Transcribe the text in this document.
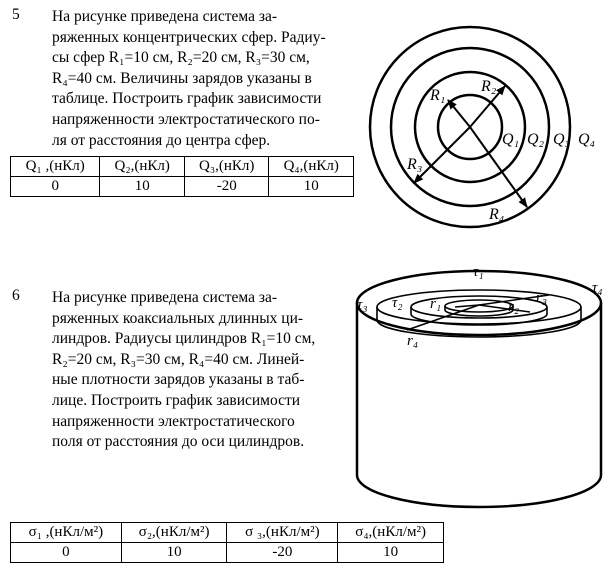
5 На рисунке приведена система за-
ряженных концентрических сфер. Радиу-
сы сфер R₁=10 см, R₂=20 см, R₃=30 см,
R₄=40 см. Величины зарядов указаны в
таблице. Построить график зависимости
напряженности электростатического по-
ля от расстояния до центра сфер.
Q₁ ,(нКл)	Q₂,(нКл)	Q₃,(нКл)	Q₄,(нКл)
0	10	-20	10
6 На рисунке приведена система за-
ряженных коаксиальных длинных ци-
линдров. Радиусы цилиндров R₁=10 см,
R₂=20 см, R₃=30 см, R₄=40 см. Линей-
ные плотности зарядов указаны в таб-
лице. Построить график зависимости
напряженности электростатического
поля от расстояния до оси цилиндров.
σ₁ ,(нКл/м²)	σ₂,(нКл/м²)	σ ₃,(нКл/м²)	σ₄,(нКл/м²)
0	10	-20	10
R₁
R₂
R₃
R₄
Q₁ Q₂ Q₃ Q₄
τ₁
τ₂
τ₃
τ₄
r₁	r₂
r₃
r₄
